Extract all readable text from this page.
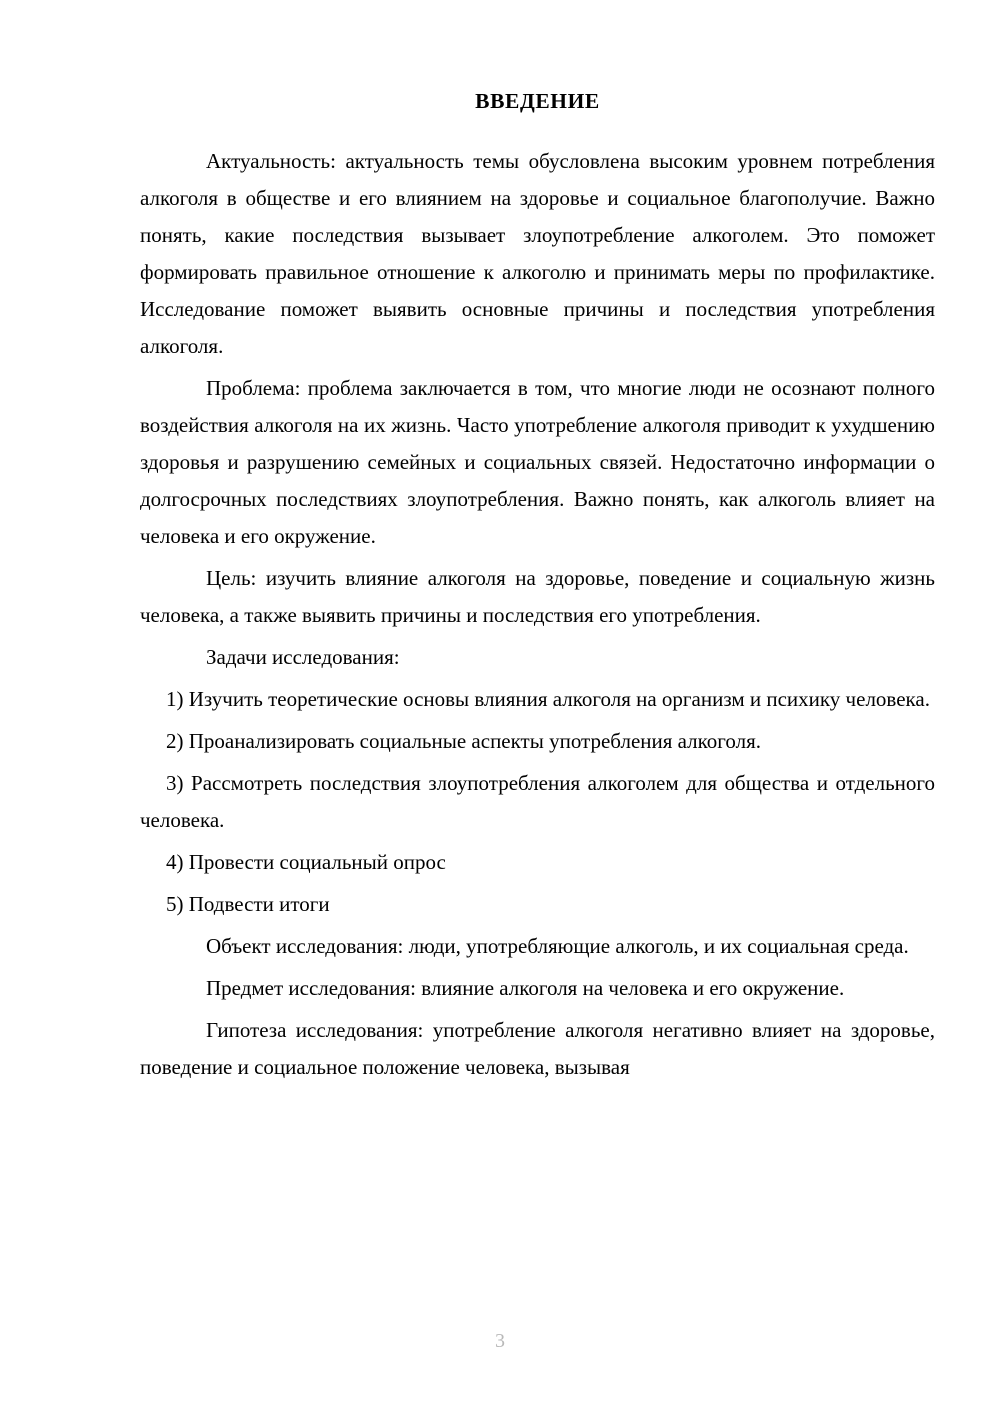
ВВЕДЕНИЕ

Актуальность: актуальность темы обусловлена высоким уровнем потребления алкоголя в обществе и его влиянием на здоровье и социальное благополучие. Важно понять, какие последствия вызывает злоупотребление алкоголем. Это поможет формировать правильное отношение к алкоголю и принимать меры по профилактике. Исследование поможет выявить основные причины и последствия употребления алкоголя.

Проблема: проблема заключается в том, что многие люди не осознают полного воздействия алкоголя на их жизнь. Часто употребление алкоголя приводит к ухудшению здоровья и разрушению семейных и социальных связей. Недостаточно информации о долгосрочных последствиях злоупотребления. Важно понять, как алкоголь влияет на человека и его окружение.

Цель: изучить влияние алкоголя на здоровье, поведение и социальную жизнь человека, а также выявить причины и последствия его употребления.

Задачи исследования:

1) Изучить теоретические основы влияния алкоголя на организм и психику человека.

2) Проанализировать социальные аспекты употребления алкоголя.

3) Рассмотреть последствия злоупотребления алкоголем для общества и отдельного человека.

4) Провести социальный опрос

5) Подвести итоги

Объект исследования: люди, употребляющие алкоголь, и их социальная среда.

Предмет исследования: влияние алкоголя на человека и его окружение.

Гипотеза исследования: употребление алкоголя негативно влияет на здоровье, поведение и социальное положение человека, вызывая

3
